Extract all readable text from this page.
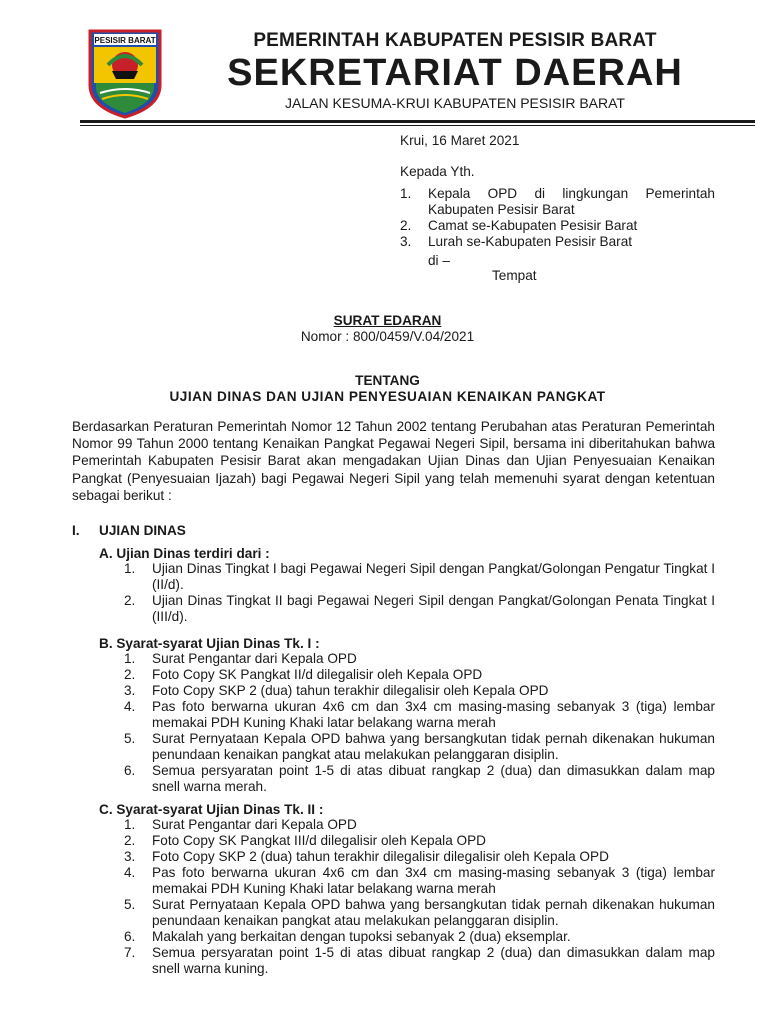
PESISIR BARAT	PEMERINTAH KABUPATEN PESISIR BARAT
SEKRETARIAT DAERAH
JALAN KESUMA-KRUI KABUPATEN PESISIR BARAT
Krui, 16 Maret 2021
Kepada Yth.
1.	Kepala OPD di lingkungan Pemerintah Kabupaten Pesisir Barat
2.	Camat se-Kabupaten Pesisir Barat
3.	Lurah se-Kabupaten Pesisir Barat
di –
Tempat
SURAT EDARAN
Nomor : 800/0459/V.04/2021
TENTANG
UJIAN DINAS DAN UJIAN PENYESUAIAN KENAIKAN PANGKAT
Berdasarkan Peraturan Pemerintah Nomor 12 Tahun 2002 tentang Perubahan atas Peraturan Pemerintah Nomor 99 Tahun 2000 tentang Kenaikan Pangkat Pegawai Negeri Sipil, bersama ini diberitahukan bahwa Pemerintah Kabupaten Pesisir Barat akan mengadakan Ujian Dinas dan Ujian Penyesuaian Kenaikan Pangkat (Penyesuaian Ijazah) bagi Pegawai Negeri Sipil yang telah memenuhi syarat dengan ketentuan sebagai berikut :
I. UJIAN DINAS
A. Ujian Dinas terdiri dari :
1.	Ujian Dinas Tingkat I bagi Pegawai Negeri Sipil dengan Pangkat/Golongan Pengatur Tingkat I (II/d).
2.	Ujian Dinas Tingkat II bagi Pegawai Negeri Sipil dengan Pangkat/Golongan Penata Tingkat I (III/d).
B. Syarat-syarat Ujian Dinas Tk. I :
1.	Surat Pengantar dari Kepala OPD
2.	Foto Copy SK Pangkat II/d dilegalisir oleh Kepala OPD
3.	Foto Copy SKP 2 (dua) tahun terakhir dilegalisir oleh Kepala OPD
4.	Pas foto berwarna ukuran 4x6 cm dan 3x4 cm masing-masing sebanyak 3 (tiga) lembar memakai PDH Kuning Khaki latar belakang warna merah
5.	Surat Pernyataan Kepala OPD bahwa yang bersangkutan tidak pernah dikenakan hukuman penundaan kenaikan pangkat atau melakukan pelanggaran disiplin.
6.	Semua persyaratan point 1-5 di atas dibuat rangkap 2 (dua) dan dimasukkan dalam map snell warna merah.
C. Syarat-syarat Ujian Dinas Tk. II :
1.	Surat Pengantar dari Kepala OPD
2.	Foto Copy SK Pangkat III/d dilegalisir oleh Kepala OPD
3.	Foto Copy SKP 2 (dua) tahun terakhir dilegalisir dilegalisir oleh Kepala OPD
4.	Pas foto berwarna ukuran 4x6 cm dan 3x4 cm masing-masing sebanyak 3 (tiga) lembar memakai PDH Kuning Khaki latar belakang warna merah
5.	Surat Pernyataan Kepala OPD bahwa yang bersangkutan tidak pernah dikenakan hukuman penundaan kenaikan pangkat atau melakukan pelanggaran disiplin.
6.	Makalah yang berkaitan dengan tupoksi sebanyak 2 (dua) eksemplar.
7.	Semua persyaratan point 1-5 di atas dibuat rangkap 2 (dua) dan dimasukkan dalam map snell warna kuning.
